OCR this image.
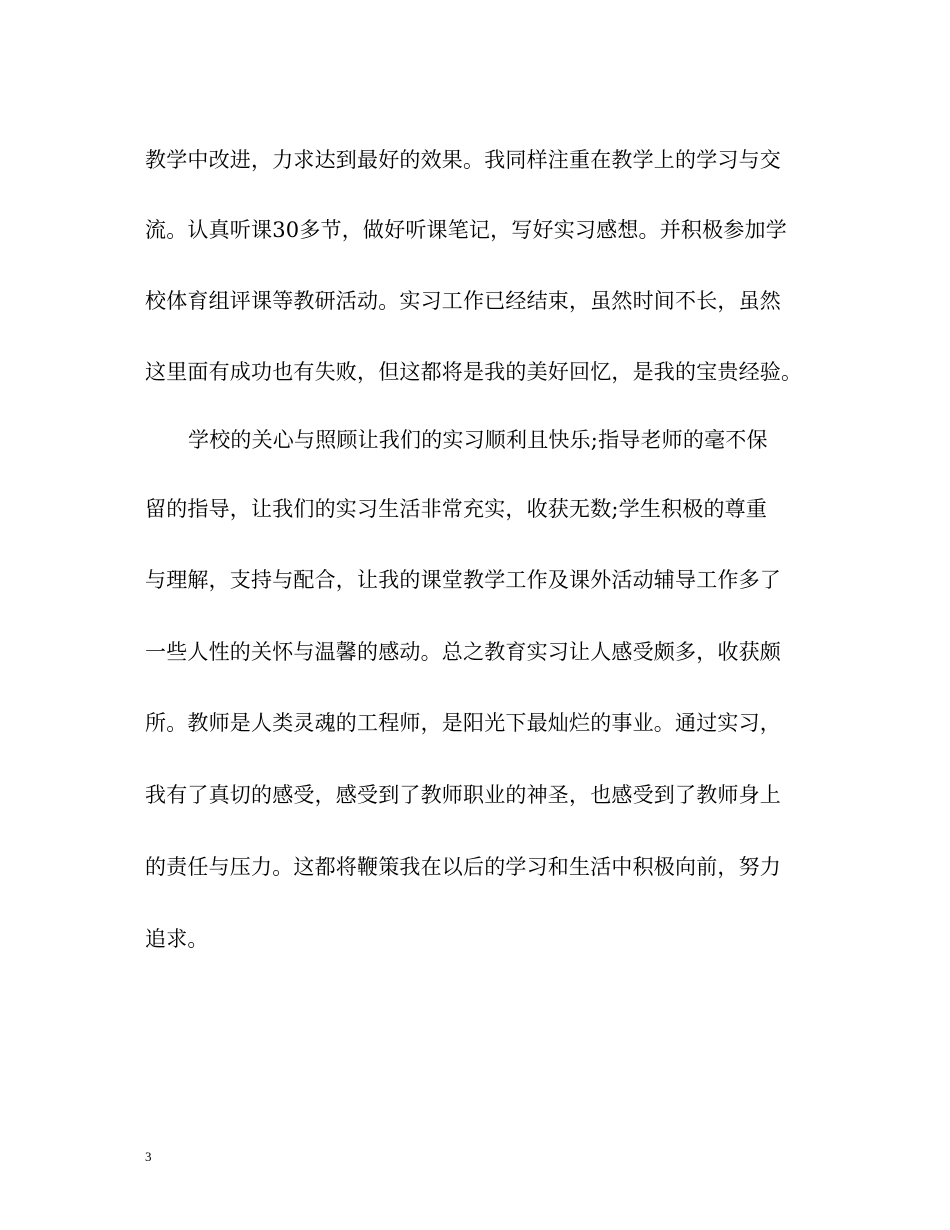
教学中改进，力求达到最好的效果。我同样注重在教学上的学习与交
流。认真听课30多节，做好听课笔记，写好实习感想。并积极参加学
校体育组评课等教研活动。实习工作已经结束，虽然时间不长，虽然
这里面有成功也有失败，但这都将是我的美好回忆，是我的宝贵经验。
学校的关心与照顾让我们的实习顺利且快乐;指导老师的毫不保
留的指导，让我们的实习生活非常充实，收获无数;学生积极的尊重
与理解，支持与配合，让我的课堂教学工作及课外活动辅导工作多了
一些人性的关怀与温馨的感动。总之教育实习让人感受颇多，收获颇
所。教师是人类灵魂的工程师，是阳光下最灿烂的事业。通过实习，
我有了真切的感受，感受到了教师职业的神圣，也感受到了教师身上
的责任与压力。这都将鞭策我在以后的学习和生活中积极向前，努力
追求。
3
